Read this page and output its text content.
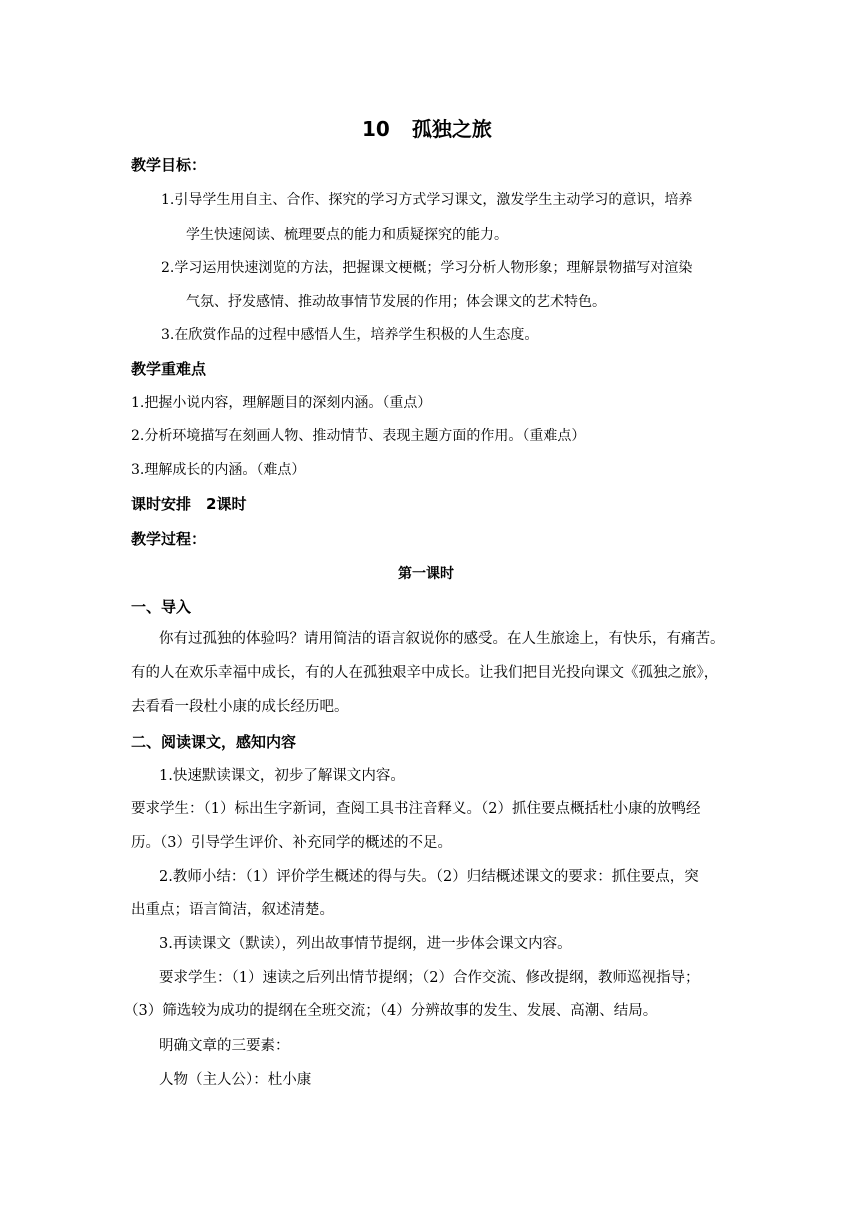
10 孤独之旅
教学目标：
1.引导学生用自主、合作、探究的学习方式学习课文，激发学生主动学习的意识，培养
学生快速阅读、梳理要点的能力和质疑探究的能力。
2.学习运用快速浏览的方法，把握课文梗概；学习分析人物形象；理解景物描写对渲染
气氛、抒发感情、推动故事情节发展的作用；体会课文的艺术特色。
3.在欣赏作品的过程中感悟人生，培养学生积极的人生态度。
教学重难点
1.把握小说内容，理解题目的深刻内涵。（重点）
2.分析环境描写在刻画人物、推动情节、表现主题方面的作用。（重难点）
3.理解成长的内涵。（难点）
课时安排　2课时
教学过程：
第一课时
一、导入
你有过孤独的体验吗？请用简洁的语言叙说你的感受。在人生旅途上，有快乐，有痛苦。
有的人在欢乐幸福中成长，有的人在孤独艰辛中成长。让我们把目光投向课文《孤独之旅》，
去看看一段杜小康的成长经历吧。
二、阅读课文，感知内容
1.快速默读课文，初步了解课文内容。
要求学生：（1）标出生字新词，查阅工具书注音释义。（2）抓住要点概括杜小康的放鸭经
历。（3）引导学生评价、补充同学的概述的不足。
2.教师小结：（1）评价学生概述的得与失。（2）归结概述课文的要求：抓住要点，突
出重点；语言简洁，叙述清楚。
3.再读课文（默读），列出故事情节提纲，进一步体会课文内容。
要求学生：（1）速读之后列出情节提纲；（2）合作交流、修改提纲，教师巡视指导；
（3）筛选较为成功的提纲在全班交流；（4）分辨故事的发生、发展、高潮、结局。
明确文章的三要素：
人物（主人公）：杜小康
